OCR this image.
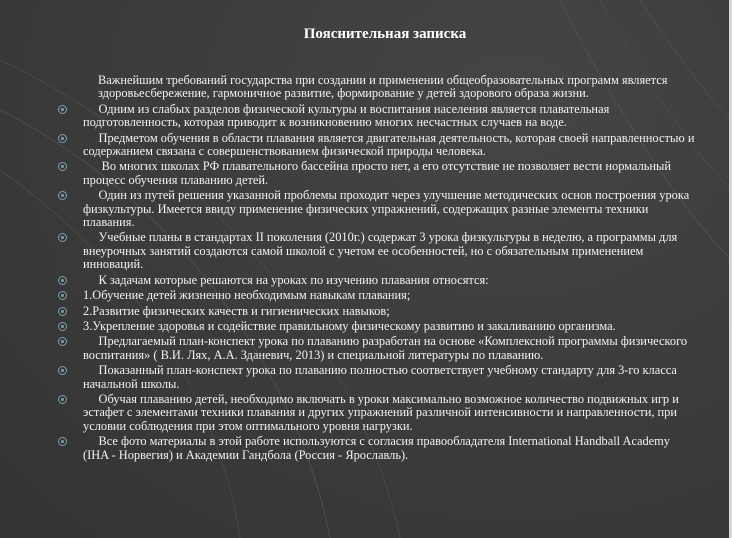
Пояснительная записка
Важнейшим требований государства при создании и применении общеобразовательных программ является здоровьесбережение, гармоничное развитие, формирование у детей здорового образа жизни.
Одним из слабых разделов физической культуры и воспитания населения является плавательная подготовленность, которая приводит к возникновению многих несчастных случаев на воде.
Предметом обучения в области плавания является двигательная деятельность, которая своей направленностью и содержанием связана с совершенствованием физической природы человека.
Во многих школах РФ плавательного бассейна просто нет, а его отсутствие не позволяет вести нормальный процесс обучения плаванию детей.
Один из путей решения указанной проблемы проходит через улучшение методических основ построения урока физкультуры. Имеется ввиду применение физических упражнений, содержащих разные элементы техники плавания.
Учебные планы в стандартах II поколения (2010г.) содержат 3 урока физкультуры в неделю, а программы для внеурочных занятий создаются самой школой с учетом ее особенностей, но с обязательным применением инноваций.
К задачам которые решаются на уроках по изучению плавания относятся:
1.Обучение детей жизненно необходимым навыкам плавания;
2.Развитие физических качеств и гигиенических навыков;
3.Укрепление здоровья и содействие правильному физическому развитию и закаливанию организма.
Предлагаемый план-конспект урока по плаванию разработан на основе «Комплексной программы физического воспитания» ( В.И. Лях, А.А. Зданевич, 2013) и специальной литературы по плаванию.
Показанный план-конспект урока по плаванию полностью соответствует учебному стандарту для 3-го класса начальной школы.
Обучая плаванию детей, необходимо включать в уроки максимально возможное количество подвижных игр и эстафет с элементами техники плавания и других упражнений различной интенсивности и направленности, при условии соблюдения при этом оптимального уровня нагрузки.
Все фото материалы в этой работе используются с согласия правообладателя International Handball Academy (IHA - Норвегия) и Академии Гандбола (Россия - Ярославль).
